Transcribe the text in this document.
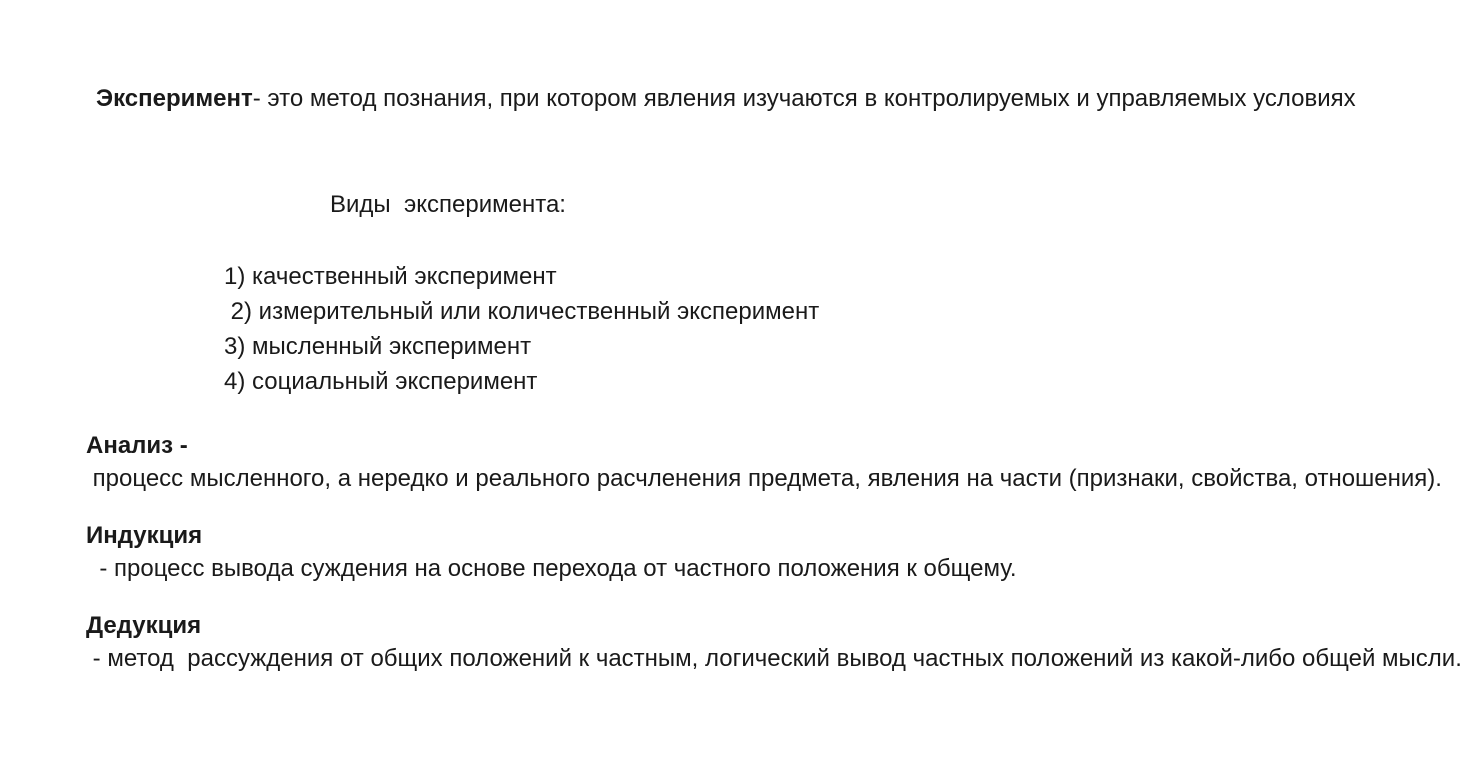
Эксперимент- это метод познания, при котором явления изучаются в контролируемых и управляемых условиях
Виды  эксперимента:
1) качественный эксперимент
2) измерительный или количественный эксперимент
3) мысленный эксперимент
4) социальный эксперимент
Анализ - процесс мысленного, а нередко и реального расчленения предмета, явления на части (признаки, свойства, отношения).
Индукция  - процесс вывода суждения на основе перехода от частного положения к общему.
Дедукция - метод  рассуждения от общих положений к частным, логический вывод частных положений из какой-либо общей мысли.
